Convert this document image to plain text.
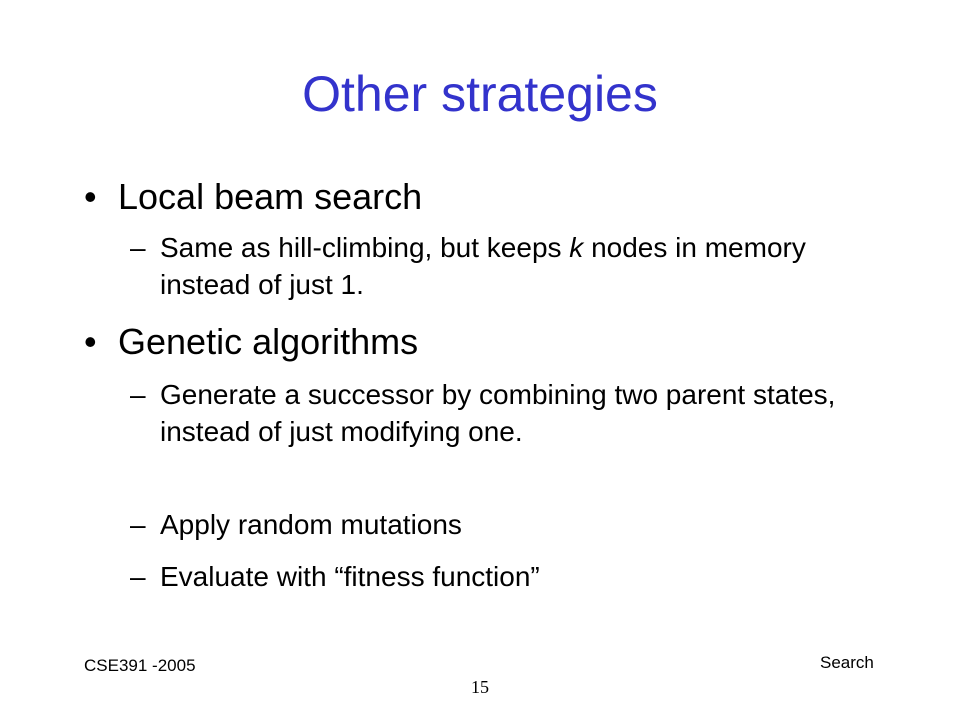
Other strategies
• Local beam search
– Same as hill-climbing, but keeps k nodes in memory instead of just 1.
• Genetic algorithms
– Generate a successor by combining two parent states, instead of just modifying one.
– Apply random mutations
– Evaluate with “fitness function”
CSE391 -2005	Search
15
